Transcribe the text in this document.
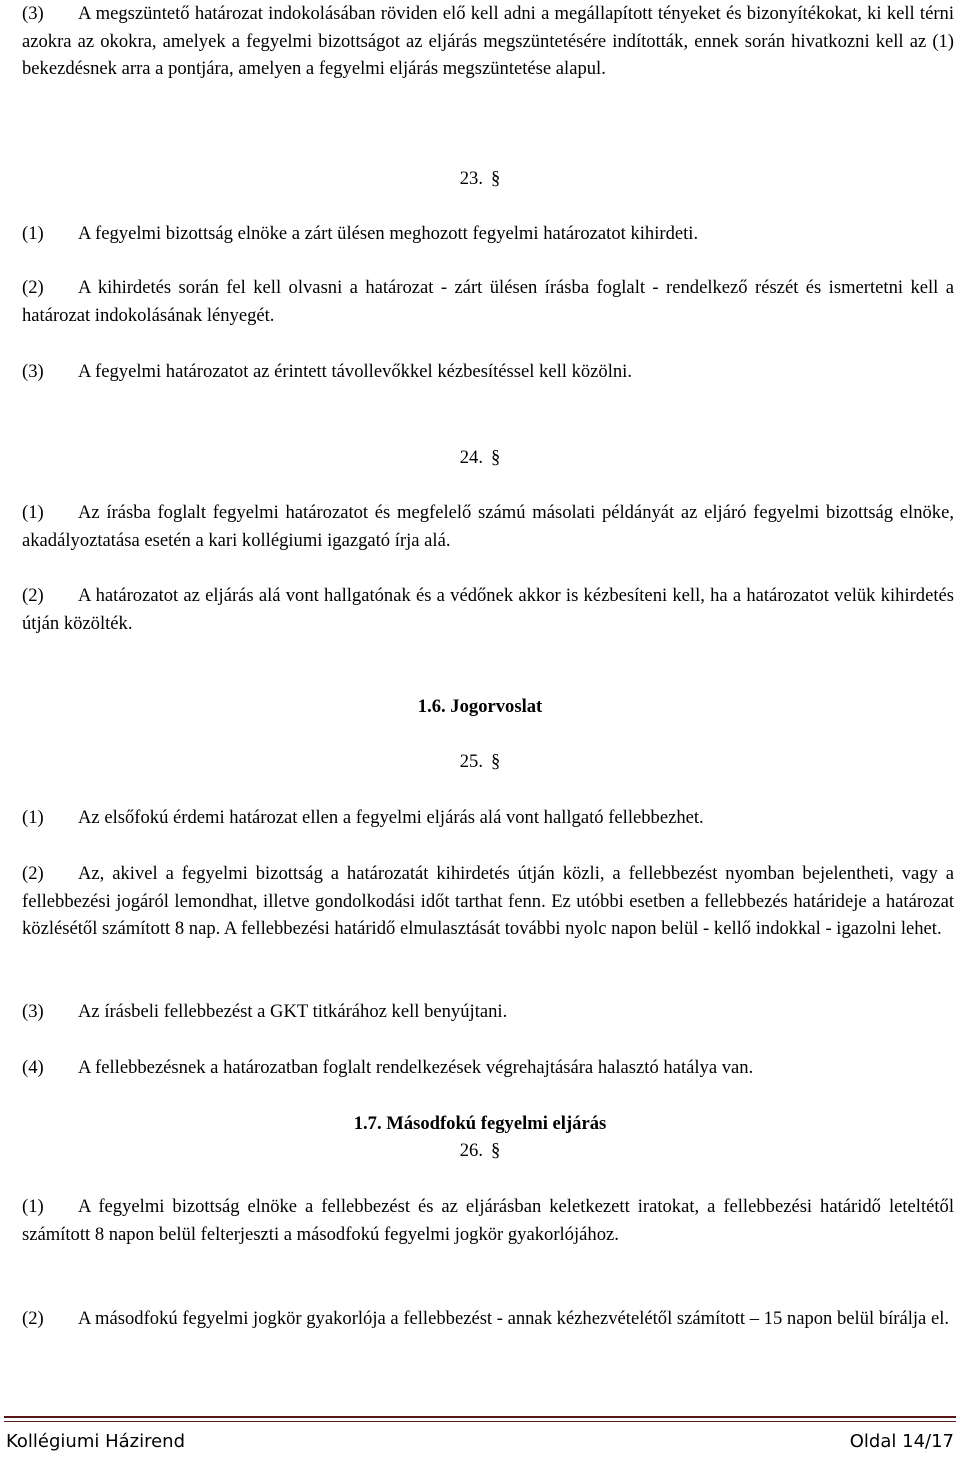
(3) A megszüntető határozat indokolásában röviden elő kell adni a megállapított tényeket és bizonyítékokat, ki kell térni azokra az okokra, amelyek a fegyelmi bizottságot az eljárás megszüntetésére indították, ennek során hivatkozni kell az (1) bekezdésnek arra a pontjára, amelyen a fegyelmi eljárás megszüntetése alapul.

23. §

(1) A fegyelmi bizottság elnöke a zárt ülésen meghozott fegyelmi határozatot kihirdeti.

(2) A kihirdetés során fel kell olvasni a határozat - zárt ülésen írásba foglalt - rendelkező részét és ismertetni kell a határozat indokolásának lényegét.

(3) A fegyelmi határozatot az érintett távollevőkkel kézbesítéssel kell közölni.

24. §

(1) Az írásba foglalt fegyelmi határozatot és megfelelő számú másolati példányát az eljáró fegyelmi bizottság elnöke, akadályoztatása esetén a kari kollégiumi igazgató írja alá.

(2) A határozatot az eljárás alá vont hallgatónak és a védőnek akkor is kézbesíteni kell, ha a határozatot velük kihirdetés útján közölték.

1.6. Jogorvoslat

25. §

(1) Az elsőfokú érdemi határozat ellen a fegyelmi eljárás alá vont hallgató fellebbezhet.

(2) Az, akivel a fegyelmi bizottság a határozatát kihirdetés útján közli, a fellebbezést nyomban bejelentheti, vagy a fellebbezési jogáról lemondhat, illetve gondolkodási időt tarthat fenn. Ez utóbbi esetben a fellebbezés határideje a határozat közlésétől számított 8 nap. A fellebbezési határidő elmulasztását további nyolc napon belül - kellő indokkal - igazolni lehet.

(3) Az írásbeli fellebbezést a GKT titkárához kell benyújtani.

(4) A fellebbezésnek a határozatban foglalt rendelkezések végrehajtására halasztó hatálya van.

1.7. Másodfokú fegyelmi eljárás

26. §

(1) A fegyelmi bizottság elnöke a fellebbezést és az eljárásban keletkezett iratokat, a fellebbezési határidő leteltétől számított 8 napon belül felterjeszti a másodfokú fegyelmi jogkör gyakorlójához.

(2) A másodfokú fegyelmi jogkör gyakorlója a fellebbezést - annak kézhezvételétől számított – 15 napon belül bírálja el.

Kollégiumi Házirend	Oldal 14/17
